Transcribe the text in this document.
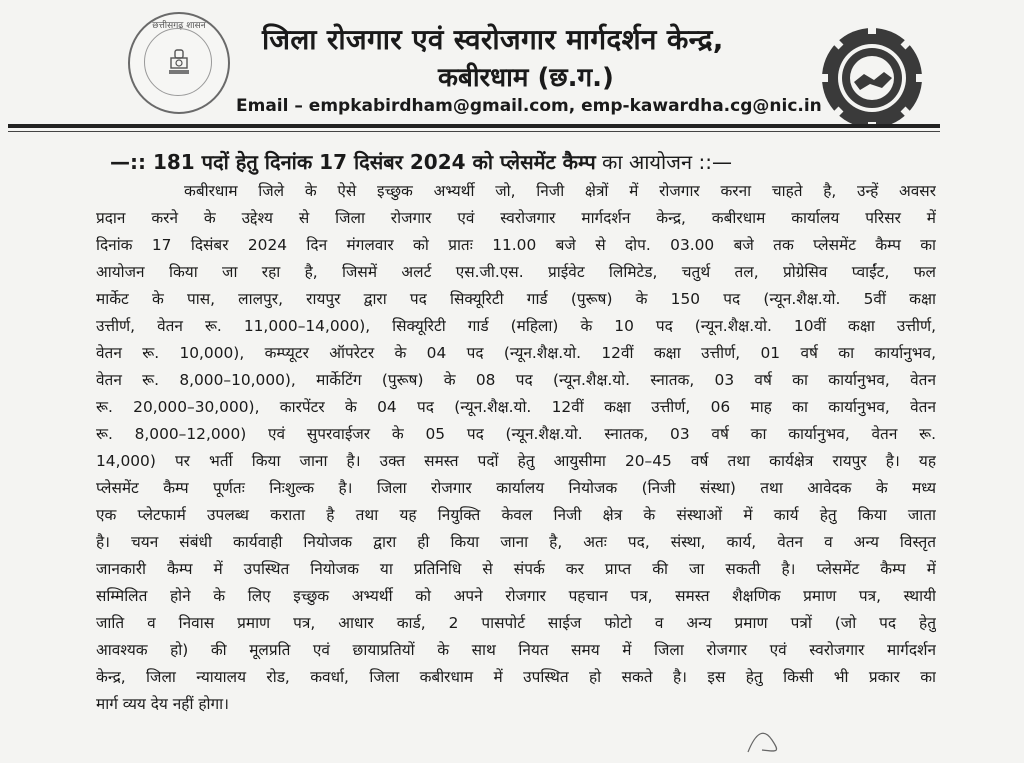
छत्तीसगढ़ शासन	जिला रोजगार एवं स्वरोजगार मार्गदर्शन केन्द्र,
कबीरधाम (छ.ग.)
Email – empkabirdham@gmail.com, emp-kawardha.cg@nic.in
—:: 181 पदों हेतु दिनांक 17 दिसंबर 2024 को प्लेसमेंट कैम्प का आयोजन ::—
कबीरधाम जिले के ऐसे इच्छुक अभ्यर्थी जो, निजी क्षेत्रों में रोजगार करना चाहते है, उन्हें अवसर
प्रदान करने के उद्देश्य से जिला रोजगार एवं स्वरोजगार मार्गदर्शन केन्द्र, कबीरधाम कार्यालय परिसर में
दिनांक 17 दिसंबर 2024 दिन मंगलवार को प्रातः 11.00 बजे से दोप. 03.00 बजे तक प्लेसमेंट कैम्प का
आयोजन किया जा रहा है, जिसमें अलर्ट एस.जी.एस. प्राईवेट लिमिटेड, चतुर्थ तल, प्रोग्रेसिव प्वाईंट, फल
मार्केट के पास, लालपुर, रायपुर द्वारा पद सिक्यूरिटी गार्ड (पुरूष) के 150 पद (न्यून.शैक्ष.यो. 5वीं कक्षा
उत्तीर्ण, वेतन रू. 11,000–14,000), सिक्यूरिटी गार्ड (महिला) के 10 पद (न्यून.शैक्ष.यो. 10वीं कक्षा उत्तीर्ण,
वेतन रू. 10,000), कम्प्यूटर ऑपरेटर के 04 पद (न्यून.शैक्ष.यो. 12वीं कक्षा उत्तीर्ण, 01 वर्ष का कार्यानुभव,
वेतन रू. 8,000–10,000), मार्केटिंग (पुरूष) के 08 पद (न्यून.शैक्ष.यो. स्नातक, 03 वर्ष का कार्यानुभव, वेतन
रू. 20,000–30,000), कारपेंटर के 04 पद (न्यून.शैक्ष.यो. 12वीं कक्षा उत्तीर्ण, 06 माह का कार्यानुभव, वेतन
रू. 8,000–12,000) एवं सुपरवाईजर के 05 पद (न्यून.शैक्ष.यो. स्नातक, 03 वर्ष का कार्यानुभव, वेतन रू.
14,000) पर भर्ती किया जाना है। उक्त समस्त पदों हेतु आयुसीमा 20–45 वर्ष तथा कार्यक्षेत्र रायपुर है। यह
प्लेसमेंट कैम्प पूर्णतः निःशुल्क है। जिला रोजगार कार्यालय नियोजक (निजी संस्था) तथा आवेदक के मध्य
एक प्लेटफार्म उपलब्ध कराता है तथा यह नियुक्ति केवल निजी क्षेत्र के संस्थाओं में कार्य हेतु किया जाता
है। चयन संबंधी कार्यवाही नियोजक द्वारा ही किया जाना है, अतः पद, संस्था, कार्य, वेतन व अन्य विस्तृत
जानकारी कैम्प में उपस्थित नियोजक या प्रतिनिधि से संपर्क कर प्राप्त की जा सकती है। प्लेसमेंट कैम्प में
सम्मिलित होने के लिए इच्छुक अभ्यर्थी को अपने रोजगार पहचान पत्र, समस्त शैक्षणिक प्रमाण पत्र, स्थायी
जाति व निवास प्रमाण पत्र, आधार कार्ड, 2 पासपोर्ट साईज फोटो व अन्य प्रमाण पत्रों (जो पद हेतु
आवश्यक हो) की मूलप्रति एवं छायाप्रतियों के साथ नियत समय में जिला रोजगार एवं स्वरोजगार मार्गदर्शन
केन्द्र, जिला न्यायालय रोड, कवर्धा, जिला कबीरधाम में उपस्थित हो सकते है। इस हेतु किसी भी प्रकार का
मार्ग व्यय देय नहीं होगा।
